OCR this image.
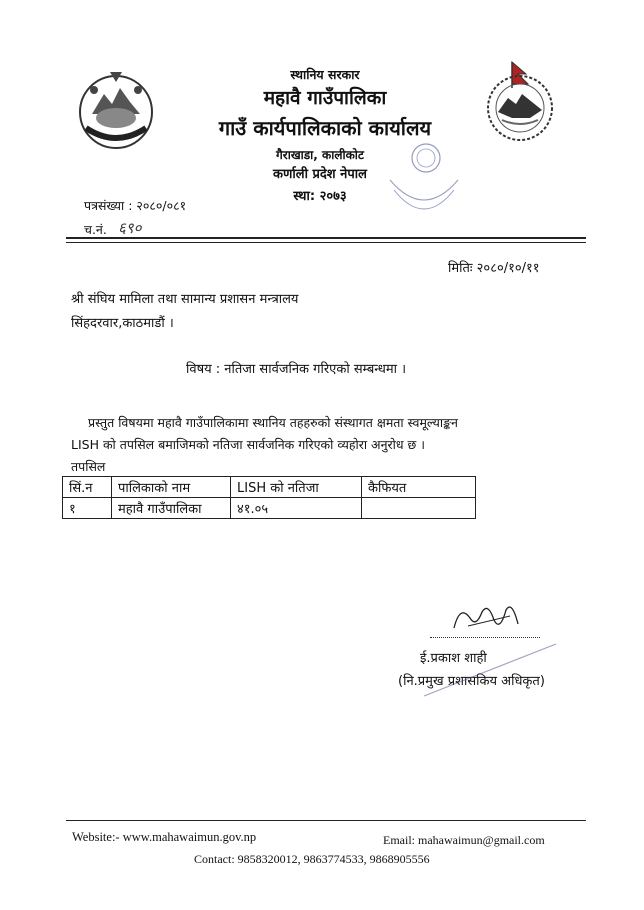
स्थानिय सरकार
महावै गाउँपालिका
गाउँ कार्यपालिकाको कार्यालय
गैराखाडा, कालीकोट
कर्णाली प्रदेश नेपाल
स्था: २०७३
पत्रसंख्या : २०८०/०८१
च.नं. ६९०
मितिः २०८०/१०/११
श्री संघिय मामिला तथा सामान्य प्रशासन मन्त्रालय
सिंहदरवार,काठमाडौं ।
विषय : नतिजा सार्वजनिक गरिएको सम्बन्धमा ।
प्रस्तुत विषयमा महावै गाउँपालिकामा स्थानिय तहहरुको संस्थागत क्षमता स्वमूल्याङ्कन
LISH को तपसिल बमाजिमको नतिजा सार्वजनिक गरिएको व्यहोरा अनुरोध छ ।
तपसिल
सिं.न	पालिकाको नाम	LISH को नतिजा	कैफियत
१	महावै गाउँपालिका	४१.०५	
ई.प्रकाश शाही
(नि.प्रमुख प्रशासकिय अधिकृत)
Website:- www.mahawaimun.gov.np	Email: mahawaimun@gmail.com
Contact: 9858320012, 9863774533, 9868905556
